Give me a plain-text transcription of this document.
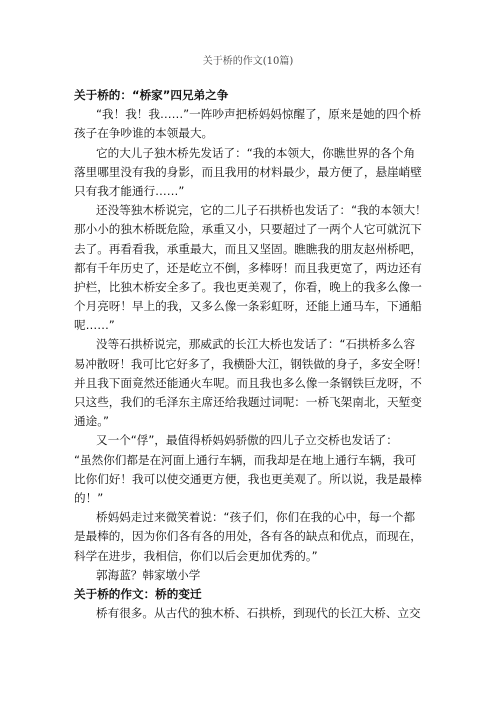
关于桥的作文(10篇)
关于桥的：“桥家”四兄弟之争
“我！我！我……”一阵吵声把桥妈妈惊醒了，原来是她的四个桥
孩子在争吵谁的本领最大。
它的大儿子独木桥先发话了：“我的本领大，你瞧世界的各个角
落里哪里没有我的身影，而且我用的材料最少，最方便了，悬崖峭壁
只有我才能通行……”
还没等独木桥说完，它的二儿子石拱桥也发话了：“我的本领大！
那小小的独木桥既危险，承重又小，只要超过了一两个人它可就沉下
去了。再看看我，承重最大，而且又坚固。瞧瞧我的朋友赵州桥吧，
都有千年历史了，还是屹立不倒，多棒呀！而且我更宽了，两边还有
护栏，比独木桥安全多了。我也更美观了，你看，晚上的我多么像一
个月亮呀！早上的我，又多么像一条彩虹呀，还能上通马车，下通船
呢……”
没等石拱桥说完，那威武的长江大桥也发话了：“石拱桥多么容
易冲散呀！我可比它好多了，我横卧大江，钢铁做的身子，多安全呀！
并且我下面竟然还能通火车呢。而且我也多么像一条钢铁巨龙呀，不
只这些，我们的毛泽东主席还给我题过词呢：一桥飞架南北，天堑变
通途。”
又一个“俘”，最值得桥妈妈骄傲的四儿子立交桥也发话了：
“虽然你们都是在河面上通行车辆，而我却是在地上通行车辆，我可
比你们好！我可以使交通更方便，我也更美观了。所以说，我是最棒
的！”
桥妈妈走过来微笑着说：“孩子们，你们在我的心中，每一个都
是最棒的，因为你们各有各的用处，各有各的缺点和优点，而现在，
科学在进步，我相信，你们以后会更加优秀的。”
郭海蓝？韩家墩小学
关于桥的作文：桥的变迁
桥有很多。从古代的独木桥、石拱桥，到现代的长江大桥、立交
